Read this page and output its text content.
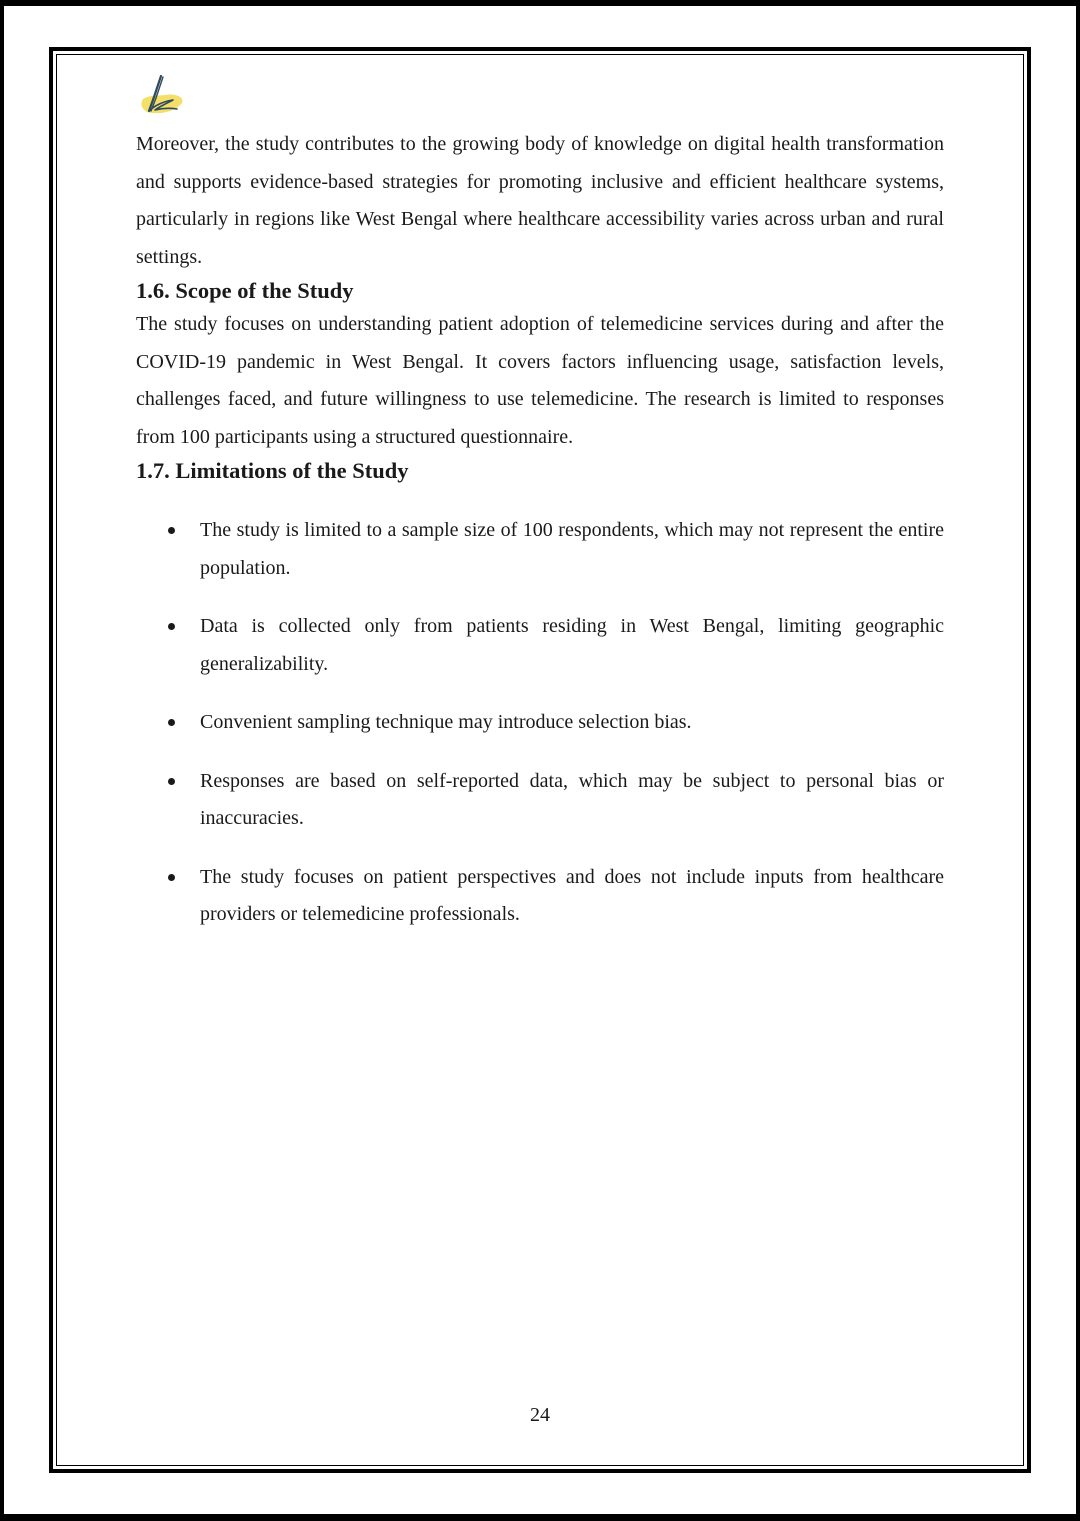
Moreover, the study contributes to the growing body of knowledge on digital health transformation and supports evidence-based strategies for promoting inclusive and efficient healthcare systems, particularly in regions like West Bengal where healthcare accessibility varies across urban and rural settings.

1.6. Scope of the Study

The study focuses on understanding patient adoption of telemedicine services during and after the COVID-19 pandemic in West Bengal. It covers factors influencing usage, satisfaction levels, challenges faced, and future willingness to use telemedicine. The research is limited to responses from 100 participants using a structured questionnaire.

1.7. Limitations of the Study
The study is limited to a sample size of 100 respondents, which may not represent the entire population.
Data is collected only from patients residing in West Bengal, limiting geographic generalizability.
Convenient sampling technique may introduce selection bias.
Responses are based on self-reported data, which may be subject to personal bias or inaccuracies.
The study focuses on patient perspectives and does not include inputs from healthcare providers or telemedicine professionals.
24
